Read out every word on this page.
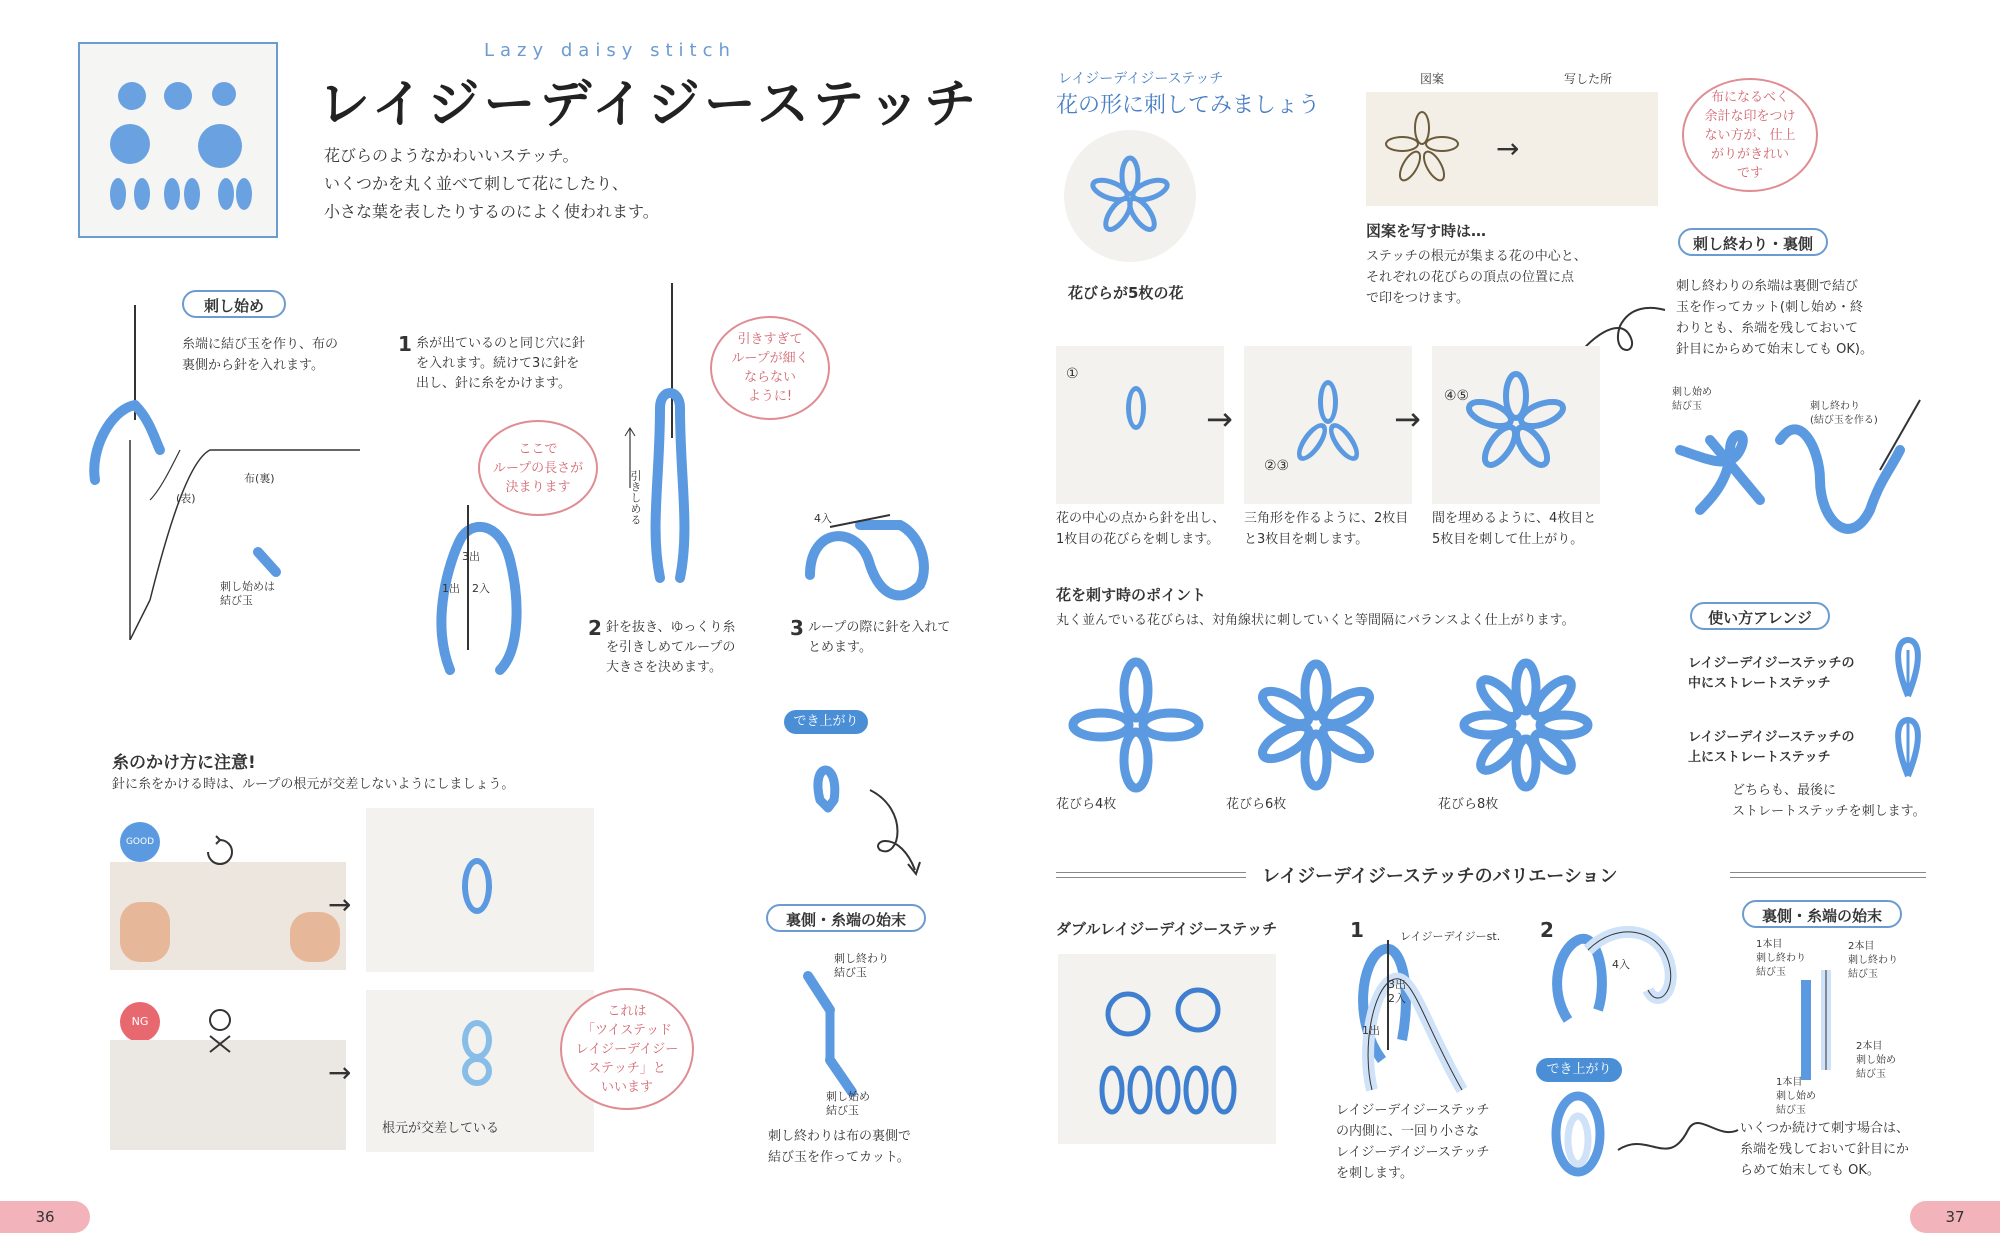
Lazy daisy stitch
レイジーデイジーステッチ
花びらのようなかわいいステッチ。
いくつかを丸く並べて刺して花にしたり、
小さな葉を表したりするのによく使われます。
刺し始め
糸端に結び玉を作り、布の
裏側から針を入れます。
布(裏)
(表)
刺し始めは
結び玉
1 糸が出ているのと同じ穴に針
を入れます。続けて3に針を
出し、針に糸をかけます。
ここで
ループの長さが
決まります
3出
1出 2入
引きすぎて
ループが細く
ならない
ように!
引きしめる
2 針を抜き、ゆっくり糸
を引きしめてループの
大きさを決めます。
4入
3 ループの際に針を入れて
とめます。
糸のかけ方に注意!
針に糸をかける時は、ループの根元が交差しないようにしましょう。
GOOD
NG
→
→
根元が交差している
これは
「ツイステッド
レイジーデイジー
ステッチ」と
いいます
でき上がり
裏側・糸端の始末
刺し終わり
結び玉
刺し始め
結び玉
刺し終わりは布の裏側で
結び玉を作ってカット。
36
レイジーデイジーステッチ
花の形に刺してみましょう
花びらが5枚の花
図案	写した所
→
布になるべく
余計な印をつけ
ない方が、仕上
がりがきれい
です
図案を写す時は…
ステッチの根元が集まる花の中心と、
それぞれの花びらの頂点の位置に点
で印をつけます。
刺し終わり・裏側
刺し終わりの糸端は裏側で結び
玉を作ってカット(刺し始め・終
わりとも、糸端を残しておいて
針目にからめて始末しても OK)。
刺し始め
結び玉	刺し終わり
(結び玉を作る)
①
→
②③
→
④⑤
花の中心の点から針を出し、
1枚目の花びらを刺します。
三角形を作るように、2枚目
と3枚目を刺します。
間を埋めるように、4枚目と
5枚目を刺して仕上がり。
花を刺す時のポイント
丸く並んでいる花びらは、対角線状に刺していくと等間隔にバランスよく仕上がります。
花びら4枚	花びら6枚	花びら8枚
使い方アレンジ
レイジーデイジーステッチの
中にストレートステッチ
レイジーデイジーステッチの
上にストレートステッチ
どちらも、最後に
ストレートステッチを刺します。
レイジーデイジーステッチのバリエーション
ダブルレイジーデイジーステッチ	1	レイジーデイジーst.
3出
2入
1出
レイジーデイジーステッチ
の内側に、一回り小さな
レイジーデイジーステッチ
を刺します。
2
4入
でき上がり
裏側・糸端の始末
1本目
刺し終わり
結び玉
2本目
刺し終わり
結び玉
2本目
刺し始め
結び玉
1本目
刺し始め
結び玉
いくつか続けて刺す場合は、
糸端を残しておいて針目にか
らめて始末しても OK。
37
